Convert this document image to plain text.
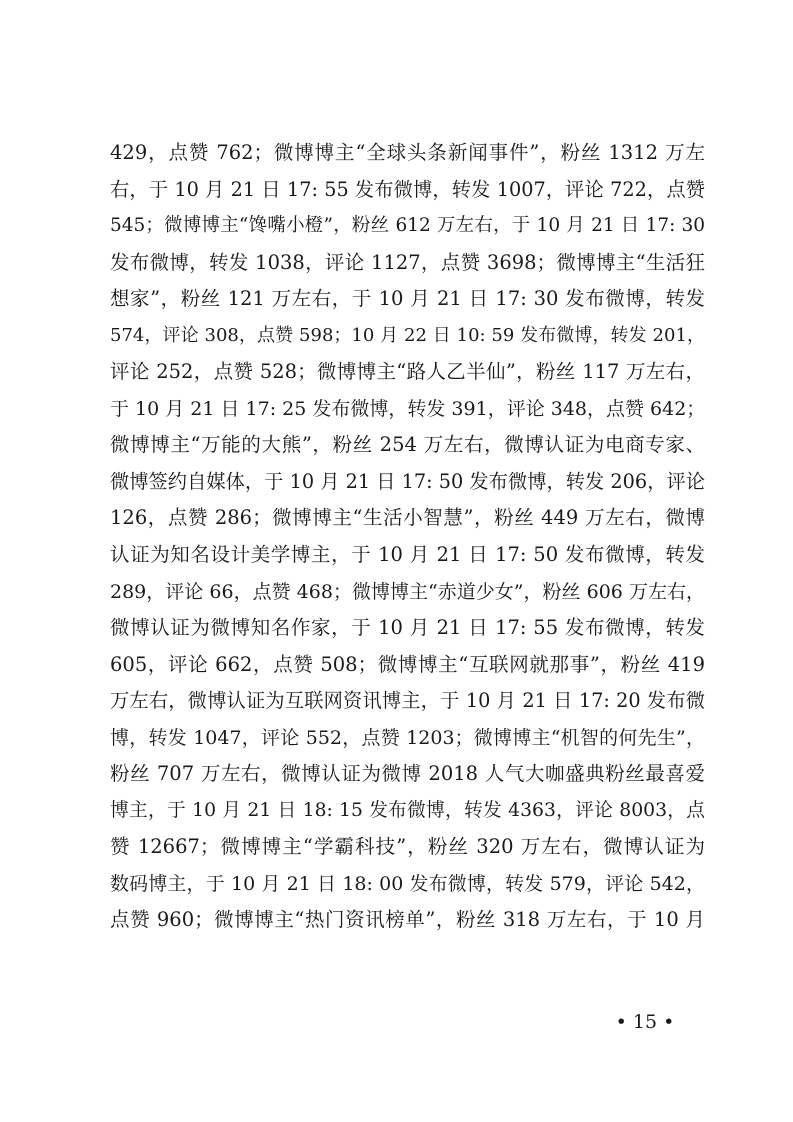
429，点赞 762；微博博主“全球头条新闻事件”，粉丝 1312 万左
右，于 10 月 21 日 17: 55 发布微博，转发 1007，评论 722，点赞
545；微博博主“馋嘴小橙”，粉丝 612 万左右，于 10 月 21 日 17: 30
发布微博，转发 1038，评论 1127，点赞 3698；微博博主“生活狂
想家”，粉丝 121 万左右，于 10 月 21 日 17: 30 发布微博，转发
574，评论 308，点赞 598；10 月 22 日 10: 59 发布微博，转发 201，
评论 252，点赞 528；微博博主“路人乙半仙”，粉丝 117 万左右，
于 10 月 21 日 17: 25 发布微博，转发 391，评论 348，点赞 642；
微博博主“万能的大熊”，粉丝 254 万左右，微博认证为电商专家、
微博签约自媒体，于 10 月 21 日 17: 50 发布微博，转发 206，评论
126，点赞 286；微博博主“生活小智慧”，粉丝 449 万左右，微博
认证为知名设计美学博主，于 10 月 21 日 17: 50 发布微博，转发
289，评论 66，点赞 468；微博博主“赤道少女”，粉丝 606 万左右，
微博认证为微博知名作家，于 10 月 21 日 17: 55 发布微博，转发
605，评论 662，点赞 508；微博博主“互联网就那事”，粉丝 419
万左右，微博认证为互联网资讯博主，于 10 月 21 日 17: 20 发布微
博，转发 1047，评论 552，点赞 1203；微博博主“机智的何先生”，
粉丝 707 万左右，微博认证为微博 2018 人气大咖盛典粉丝最喜爱
博主，于 10 月 21 日 18: 15 发布微博，转发 4363，评论 8003，点
赞 12667；微博博主“学霸科技”，粉丝 320 万左右，微博认证为
数码博主，于 10 月 21 日 18: 00 发布微博，转发 579，评论 542，
点赞 960；微博博主“热门资讯榜单”，粉丝 318 万左右，于 10 月
• 15 •
